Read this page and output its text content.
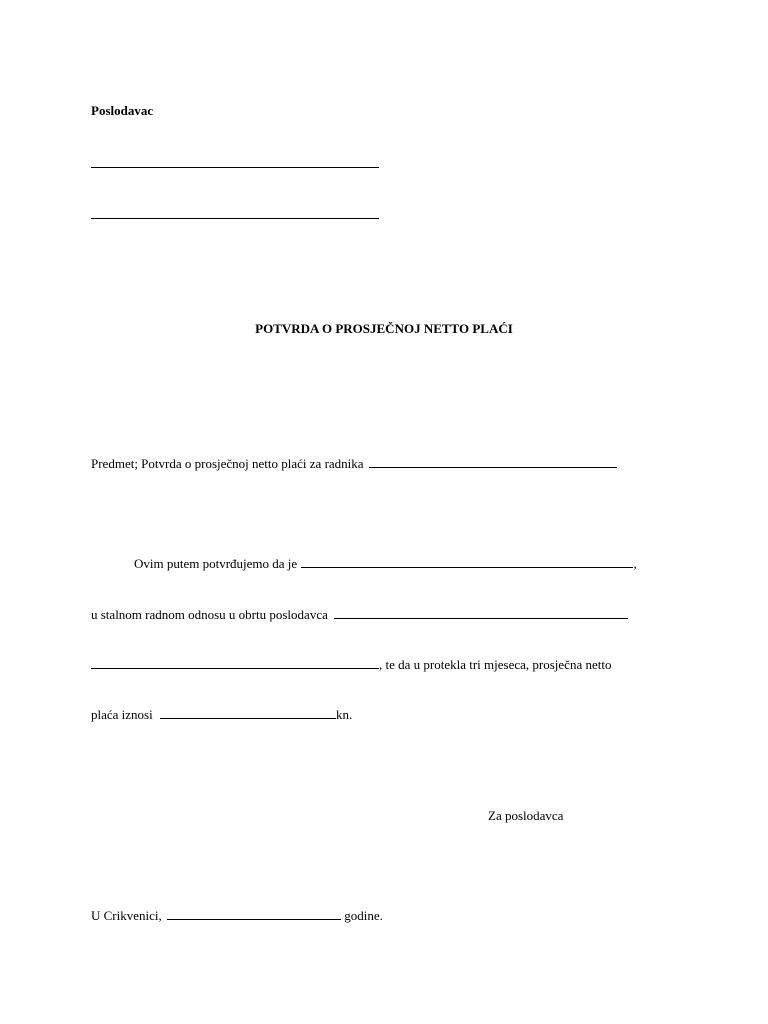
Poslodavac
POTVRDA O PROSJEČNOJ NETTO PLAĆI
Predmet; Potvrda o prosječnoj netto plaći za radnika
Ovim putem potvrđujemo da je	,
u stalnom radnom odnosu u obrtu poslodavca
, te da u protekla tri mjeseca, prosječna netto
plaća iznosi	kn.
Za poslodavca
U Crikvenici,	godine.
